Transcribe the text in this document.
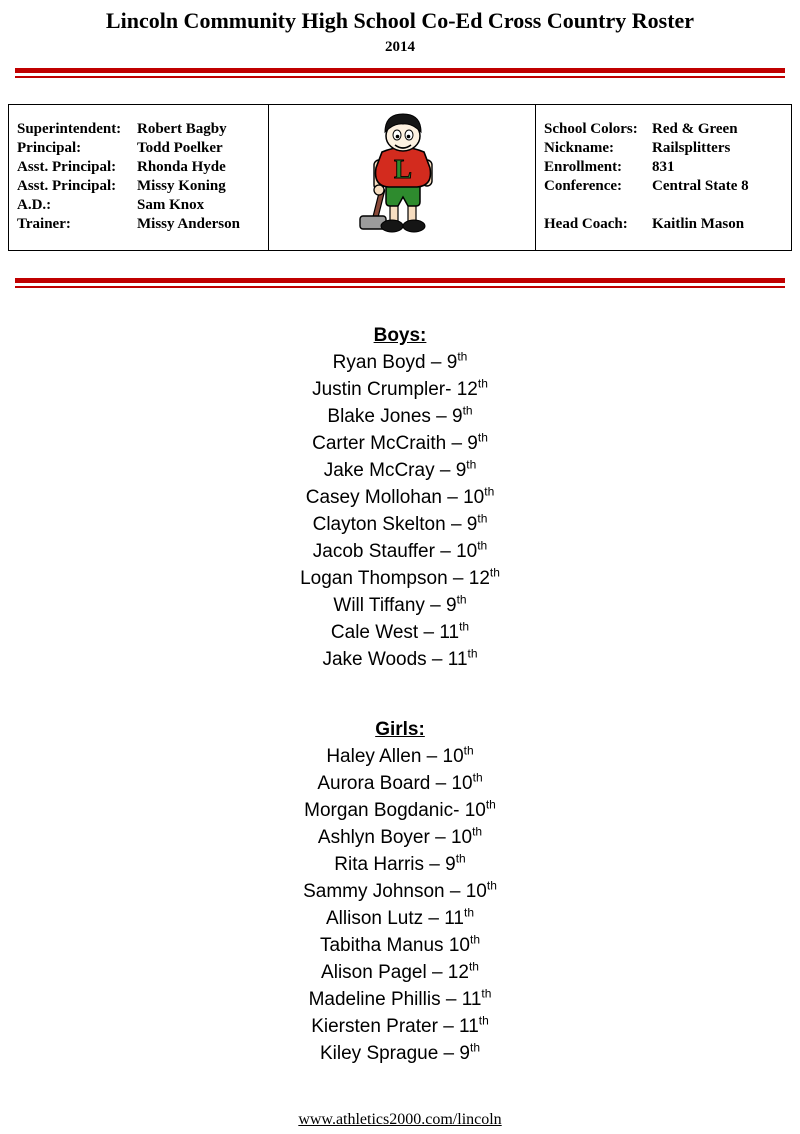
Lincoln Community High School Co-Ed Cross Country Roster
2014
Superintendent:	Robert Bagby
Principal:	Todd Poelker
Asst. Principal:	Rhonda Hyde
Asst. Principal:	Missy Koning
A.D.:	Sam Knox
Trainer:	Missy Anderson
L
School Colors: Red & Green
Nickname:	Railsplitters
Enrollment:	831
Conference:	Central State 8
Head Coach:	Kaitlin Mason
Boys:
Ryan Boyd – 9th
Justin Crumpler- 12th
Blake Jones – 9th
Carter McCraith – 9th
Jake McCray – 9th
Casey Mollohan – 10th
Clayton Skelton – 9th
Jacob Stauffer – 10th
Logan Thompson – 12th
Will Tiffany – 9th
Cale West – 11th
Jake Woods – 11th
Girls:
Haley Allen – 10th
Aurora Board – 10th
Morgan Bogdanic- 10th
Ashlyn Boyer – 10th
Rita Harris – 9th
Sammy Johnson – 10th
Allison Lutz – 11th
Tabitha Manus 10th
Alison Pagel – 12th
Madeline Phillis – 11th
Kiersten Prater – 11th
Kiley Sprague – 9th
www.athletics2000.com/lincoln
